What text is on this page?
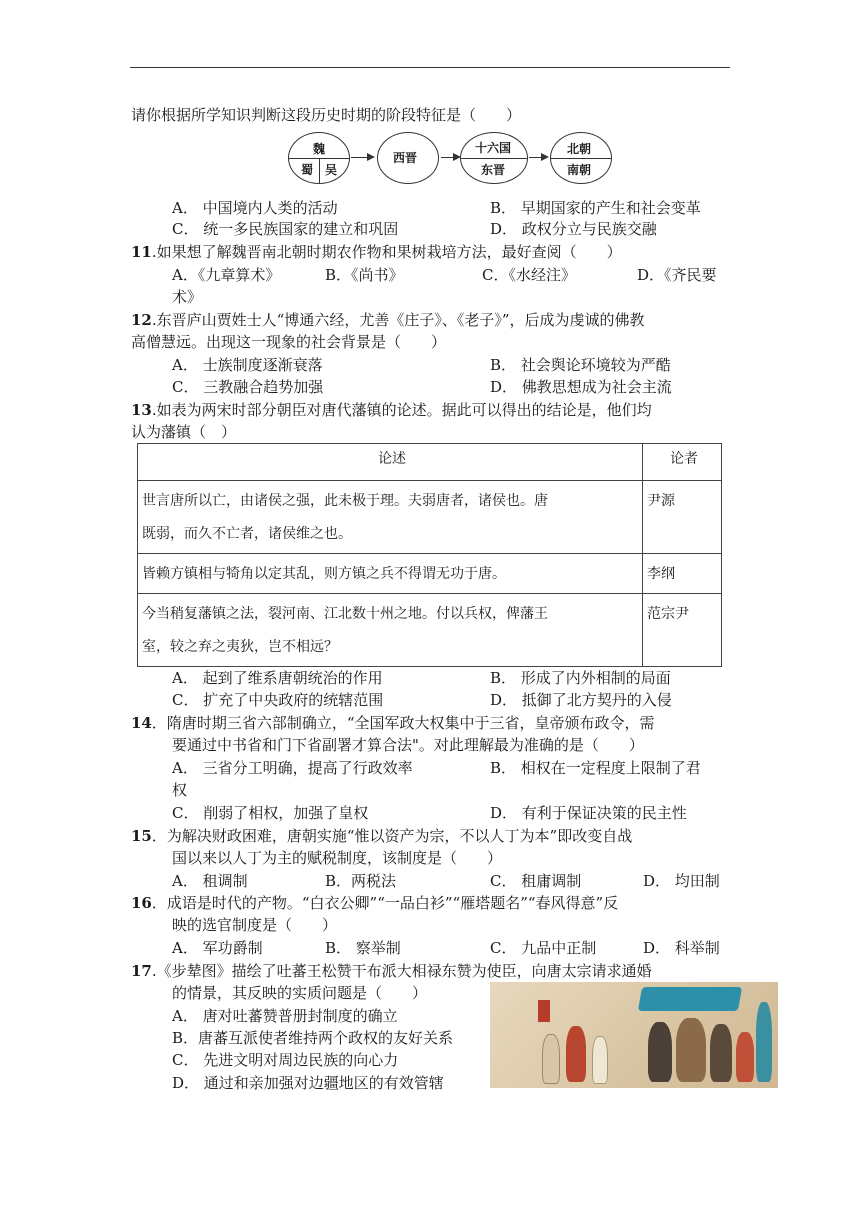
请你根据所学知识判断这段历史时期的阶段特征是（　　）
魏
蜀 吴
西晋
十六国
东晋
北朝
南朝
A． 中国境内人类的活动	B． 早期国家的产生和社会变革
C． 统一多民族国家的建立和巩固	D． 政权分立与民族交融
11.如果想了解魏晋南北朝时期农作物和果树栽培方法，最好查阅（　　）
A．《九章算术》	B．《尚书》	C．《水经注》	D．《齐民要
术》
12.东晋庐山贾姓士人“博通六经，尤善《庄子》、《老子》”，后成为虔诚的佛教
高僧慧远。出现这一现象的社会背景是（　　）
A． 士族制度逐渐衰落	B． 社会舆论环境较为严酷
C． 三教融合趋势加强	D． 佛教思想成为社会主流
13.如表为两宋时部分朝臣对唐代藩镇的论述。据此可以得出的结论是，他们均
认为藩镇（　）
论述	论者

世言唐所以亡，由诸侯之强，此未极于理。夫弱唐者，诸侯也。唐
既弱，而久不亡者，诸侯维之也。	尹源

皆赖方镇相与犄角以定其乱，则方镇之兵不得谓无功于唐。	李纲

今当稍复藩镇之法，裂河南、江北数十州之地。付以兵权，俾藩王
室，较之弃之夷狄，岂不相远？	范宗尹
A． 起到了维系唐朝统治的作用	B． 形成了内外相制的局面
C． 扩充了中央政府的统辖范围	D． 抵御了北方契丹的入侵
14．隋唐时期三省六部制确立，“全国军政大权集中于三省，皇帝颁布政令，需
要通过中书省和门下省副署才算合法"。对此理解最为准确的是（　　）
A． 三省分工明确，提高了行政效率	B． 相权在一定程度上限制了君
权
C． 削弱了相权，加强了皇权	D． 有利于保证决策的民主性
15．为解决财政困难，唐朝实施“惟以资产为宗，不以人丁为本”即改变自战
国以来以人丁为主的赋税制度，该制度是（　　）
A． 租调制	B．两税法	C． 租庸调制	D． 均田制
16．成语是时代的产物。“白衣公卿”“一品白衫”“雁塔题名”“春风得意”反
映的选官制度是（　　）
A． 军功爵制	B． 察举制	C． 九品中正制	D． 科举制
17.《步辇图》描绘了吐蕃王松赞干布派大相禄东赞为使臣，向唐太宗请求通婚
的情景，其反映的实质问题是（　　）
A． 唐对吐蕃赞普册封制度的确立
B．唐蕃互派使者维持两个政权的友好关系
C． 先进文明对周边民族的向心力
D． 通过和亲加强对边疆地区的有效管辖
